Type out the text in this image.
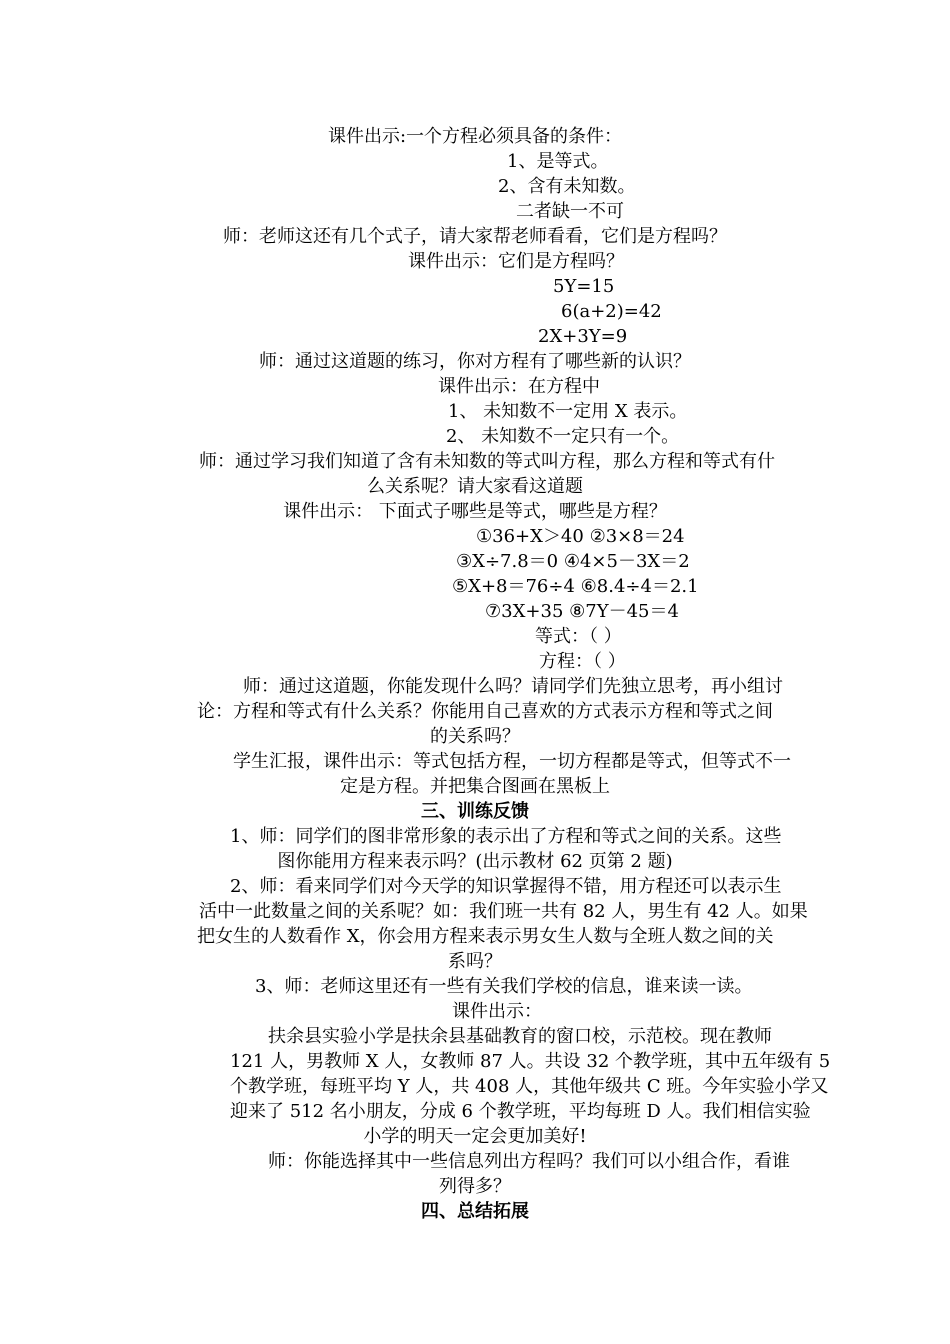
课件出示:一个方程必须具备的条件：
1、是等式。
2、含有未知数。
二者缺一不可
师：老师这还有几个式子，请大家帮老师看看，它们是方程吗？
课件出示：它们是方程吗？
5Y=15
6(a+2)=42
2X+3Y=9
师：通过这道题的练习，你对方程有了哪些新的认识？
课件出示：在方程中
1、 未知数不一定用 X 表示。
2、 未知数不一定只有一个。
师：通过学习我们知道了含有未知数的等式叫方程，那么方程和等式有什
么关系呢？请大家看这道题
课件出示： 下面式子哪些是等式，哪些是方程？
①36+X＞40 ②3×8＝24
③X÷7.8＝0 ④4×5－3X＝2
⑤X+8＝76÷4 ⑥8.4÷4＝2.1
⑦3X+35 ⑧7Y－45＝4
等式：（ ）
方程：（ ）
师：通过这道题，你能发现什么吗？请同学们先独立思考，再小组讨
论：方程和等式有什么关系？你能用自己喜欢的方式表示方程和等式之间
的关系吗？
学生汇报，课件出示：等式包括方程，一切方程都是等式，但等式不一
定是方程。并把集合图画在黑板上
三、训练反馈
1、师：同学们的图非常形象的表示出了方程和等式之间的关系。这些
图你能用方程来表示吗？(出示教材 62 页第 2 题)
2、师：看来同学们对今天学的知识掌握得不错，用方程还可以表示生
活中一此数量之间的关系呢？如：我们班一共有 82 人，男生有 42 人。如果
把女生的人数看作 X，你会用方程来表示男女生人数与全班人数之间的关
系吗？
3、师：老师这里还有一些有关我们学校的信息，谁来读一读。
课件出示：
扶余县实验小学是扶余县基础教育的窗口校，示范校。现在教师
121 人，男教师 X 人，女教师 87 人。共设 32 个教学班，其中五年级有 5
个教学班，每班平均 Y 人，共 408 人，其他年级共 C 班。今年实验小学又
迎来了 512 名小朋友，分成 6 个教学班，平均每班 D 人。我们相信实验
小学的明天一定会更加美好!
师：你能选择其中一些信息列出方程吗？我们可以小组合作，看谁
列得多？
四、总结拓展
